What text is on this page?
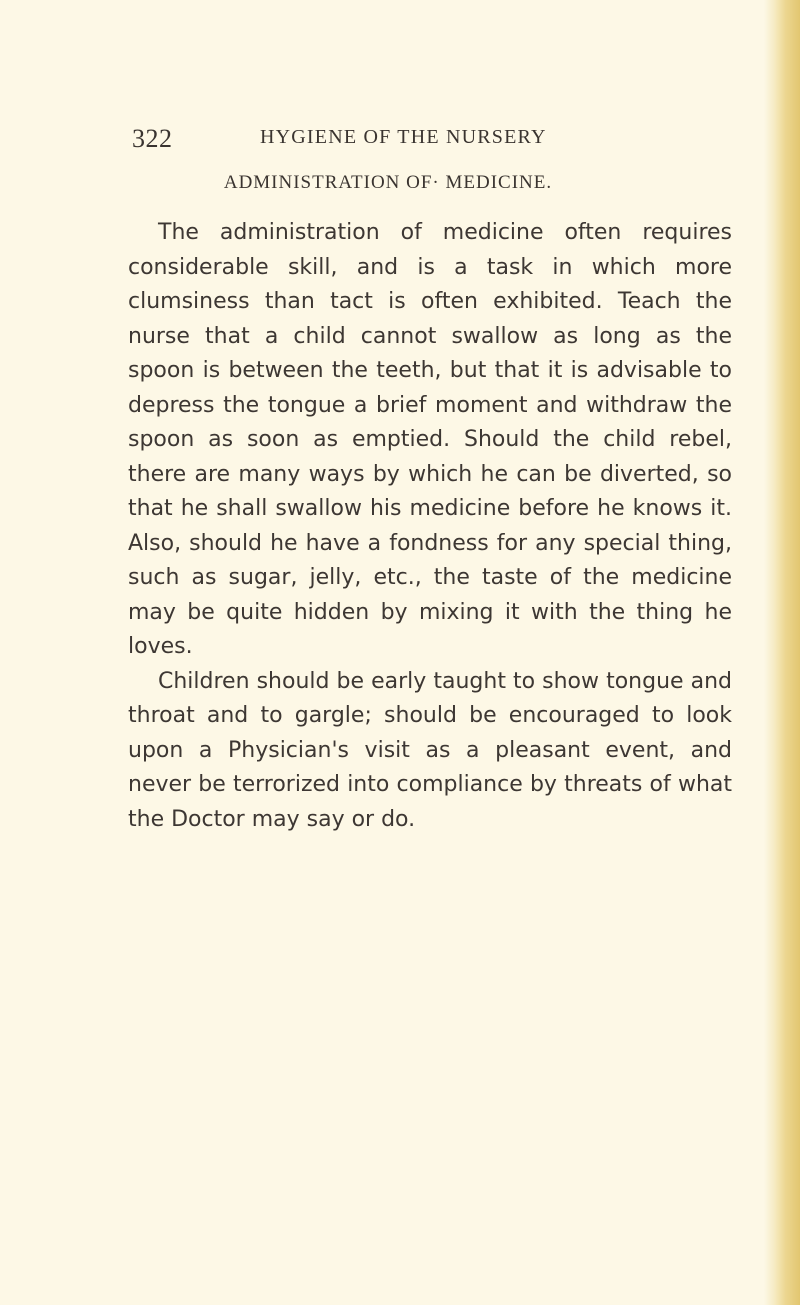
322	HYGIENE OF THE NURSERY
ADMINISTRATION OF· MEDICINE.

The administration of medicine often requires considerable skill, and is a task in which more clumsiness than tact is often exhibited. Teach the nurse that a child cannot swallow as long as the spoon is between the teeth, but that it is advisable to depress the tongue a brief moment and withdraw the spoon as soon as emptied. Should the child rebel, there are many ways by which he can be diverted, so that he shall swallow his medicine before he knows it. Also, should he have a fondness for any special thing, such as sugar, jelly, etc., the taste of the medicine may be quite hidden by mixing it with the thing he loves.

Children should be early taught to show tongue and throat and to gargle; should be encouraged to look upon a Physician's visit as a pleasant event, and never be terrorized into compliance by threats of what the Doctor may say or do.
